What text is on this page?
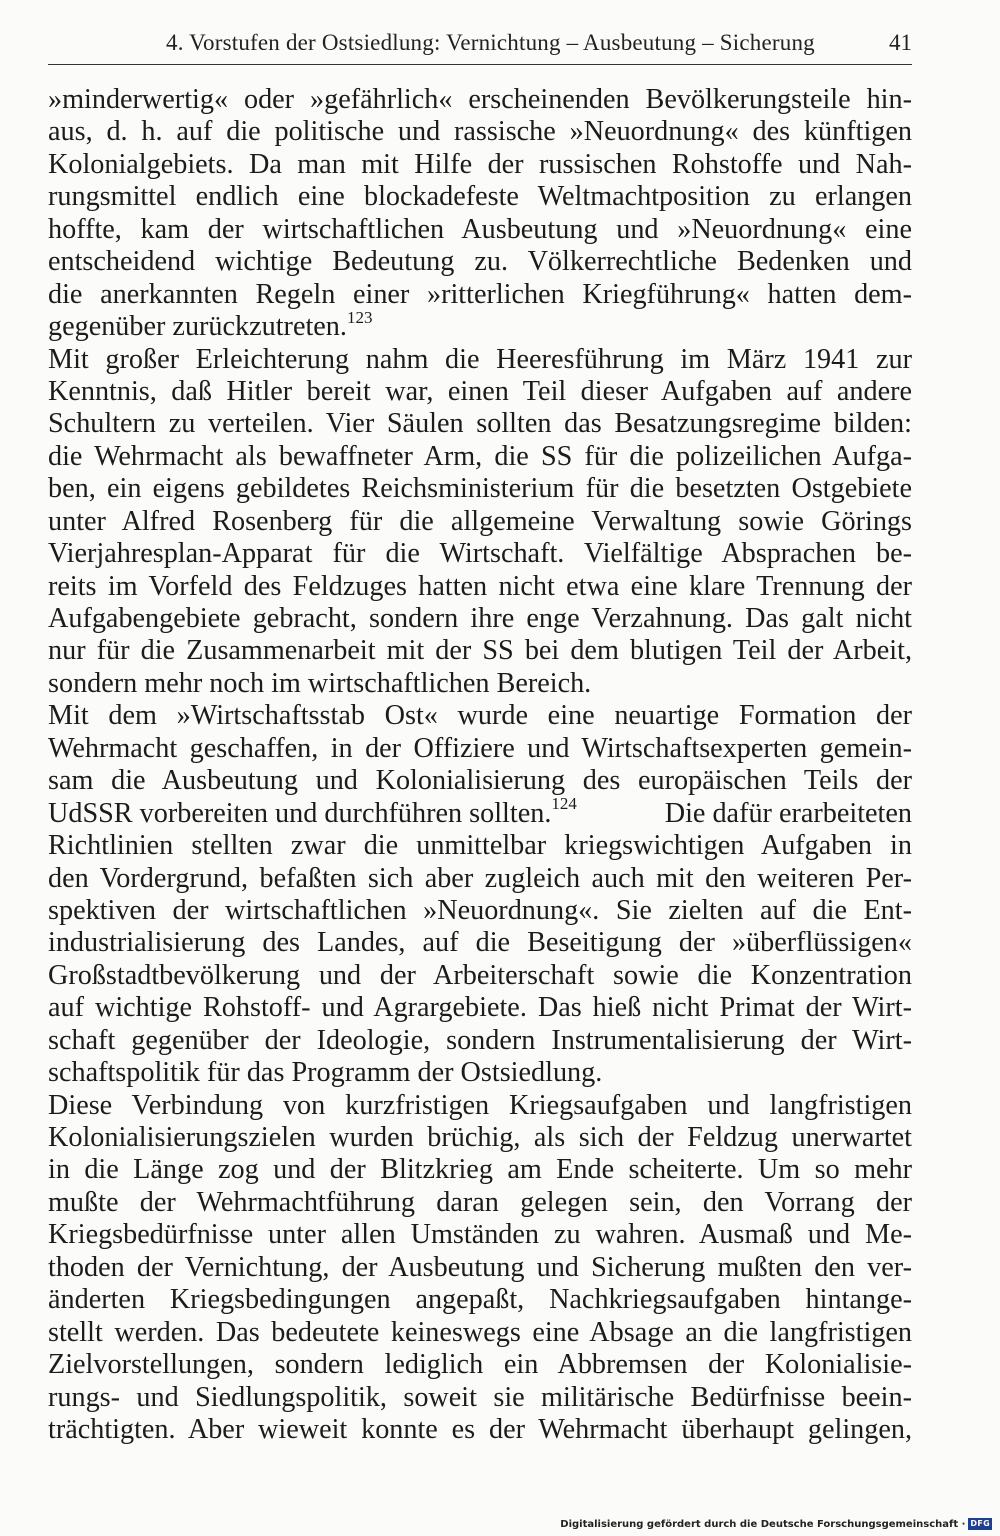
4. Vorstufen der Ostsiedlung: Vernichtung – Ausbeutung – Sicherung	41
»minderwertig« oder »gefährlich« erscheinenden Bevölkerungsteile hin-
aus, d. h. auf die politische und rassische »Neuordnung« des künftigen
Kolonialgebiets. Da man mit Hilfe der russischen Rohstoffe und Nah-
rungsmittel endlich eine blockadefeste Weltmachtposition zu erlangen
hoffte, kam der wirtschaftlichen Ausbeutung und »Neuordnung« eine
entscheidend wichtige Bedeutung zu. Völkerrechtliche Bedenken und
die anerkannten Regeln einer »ritterlichen Kriegführung« hatten dem-
gegenüber zurückzutreten.$^{123}$
Mit großer Erleichterung nahm die Heeresführung im März 1941 zur
Kenntnis, daß Hitler bereit war, einen Teil dieser Aufgaben auf andere
Schultern zu verteilen. Vier Säulen sollten das Besatzungsregime bilden:
die Wehrmacht als bewaffneter Arm, die SS für die polizeilichen Aufga-
ben, ein eigens gebildetes Reichsministerium für die besetzten Ostgebiete
unter Alfred Rosenberg für die allgemeine Verwaltung sowie Görings
Vierjahresplan-Apparat für die Wirtschaft. Vielfältige Absprachen be-
reits im Vorfeld des Feldzuges hatten nicht etwa eine klare Trennung der
Aufgabengebiete gebracht, sondern ihre enge Verzahnung. Das galt nicht
nur für die Zusammenarbeit mit der SS bei dem blutigen Teil der Arbeit,
sondern mehr noch im wirtschaftlichen Bereich.
Mit dem »Wirtschaftsstab Ost« wurde eine neuartige Formation der
Wehrmacht geschaffen, in der Offiziere und Wirtschaftsexperten gemein-
sam die Ausbeutung und Kolonialisierung des europäischen Teils der
UdSSR vorbereiten und durchführen sollten.$^{124}$	Die dafür erarbeiteten
Richtlinien stellten zwar die unmittelbar kriegswichtigen Aufgaben in
den Vordergrund, befaßten sich aber zugleich auch mit den weiteren Per-
spektiven der wirtschaftlichen »Neuordnung«. Sie zielten auf die Ent-
industrialisierung des Landes, auf die Beseitigung der »überflüssigen«
Großstadtbevölkerung und der Arbeiterschaft sowie die Konzentration
auf wichtige Rohstoff- und Agrargebiete. Das hieß nicht Primat der Wirt-
schaft gegenüber der Ideologie, sondern Instrumentalisierung der Wirt-
schaftspolitik für das Programm der Ostsiedlung.
Diese Verbindung von kurzfristigen Kriegsaufgaben und langfristigen
Kolonialisierungszielen wurden brüchig, als sich der Feldzug unerwartet
in die Länge zog und der Blitzkrieg am Ende scheiterte. Um so mehr
mußte der Wehrmachtführung daran gelegen sein, den Vorrang der
Kriegsbedürfnisse unter allen Umständen zu wahren. Ausmaß und Me-
thoden der Vernichtung, der Ausbeutung und Sicherung mußten den ver-
änderten Kriegsbedingungen angepaßt, Nachkriegsaufgaben hintange-
stellt werden. Das bedeutete keineswegs eine Absage an die langfristigen
Zielvorstellungen, sondern lediglich ein Abbremsen der Kolonialisie-
rungs- und Siedlungspolitik, soweit sie militärische Bedürfnisse beein-
trächtigten. Aber wieweit konnte es der Wehrmacht überhaupt gelingen,
Digitalisierung gefördert durch die Deutsche Forschungsgemeinschaft · DFG
